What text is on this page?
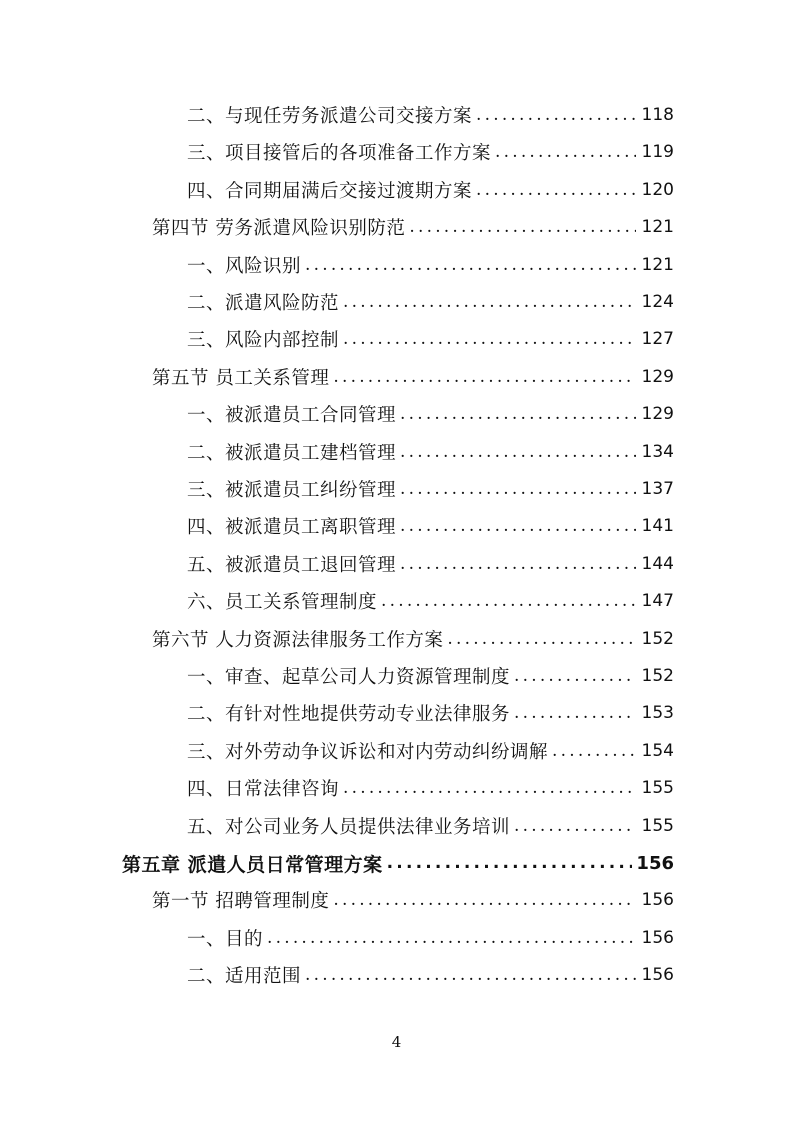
二、与现任劳务派遣公司交接方案 .....	118
三、项目接管后的各项准备工作方案 .....	119
四、合同期届满后交接过渡期方案 .....	120
第四节 劳务派遣风险识别防范 .....	121
一、风险识别 .....	121
二、派遣风险防范 .....	124
三、风险内部控制 .....	127
第五节 员工关系管理 .....	129
一、被派遣员工合同管理 .....	129
二、被派遣员工建档管理 .....	134
三、被派遣员工纠纷管理 .....	137
四、被派遣员工离职管理 .....	141
五、被派遣员工退回管理 .....	144
六、员工关系管理制度 .....	147
第六节 人力资源法律服务工作方案 .....	152
一、审查、起草公司人力资源管理制度 .....	152
二、有针对性地提供劳动专业法律服务 .....	153
三、对外劳动争议诉讼和对内劳动纠纷调解 .....	154
四、日常法律咨询 .....	155
五、对公司业务人员提供法律业务培训 .....	155
第五章 派遣人员日常管理方案 .....	156
第一节 招聘管理制度 .....	156
一、目的 .....	156
二、适用范围 .....	156
4
